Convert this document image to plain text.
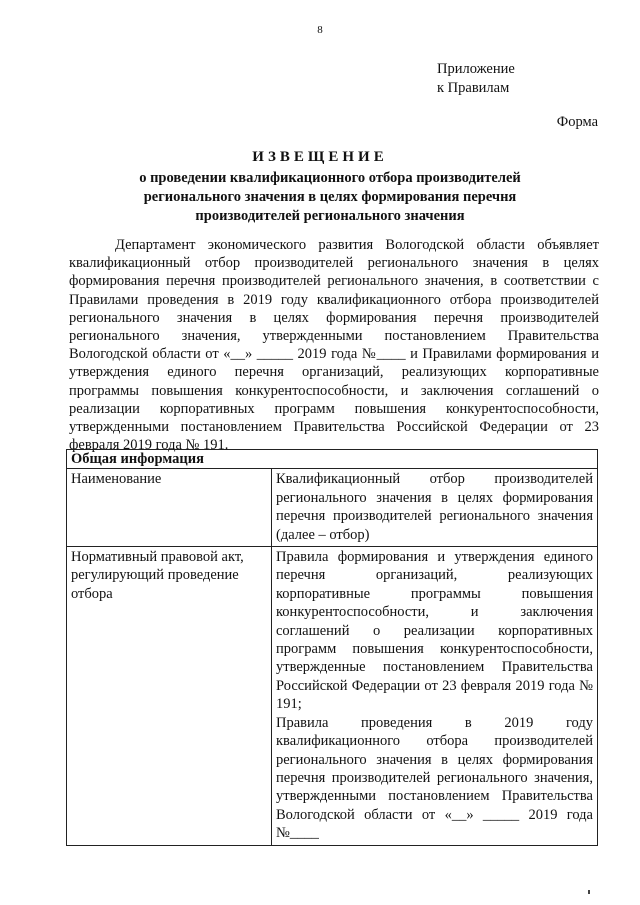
8
Приложение
к Правилам
Форма
ИЗВЕЩЕНИЕ
о проведении квалификационного отбора производителей регионального значения в целях формирования перечня производителей регионального значения

Департамент экономического развития Вологодской области объявляет квалификационный отбор производителей регионального значения в целях формирования перечня производителей регионального значения, в соответствии с Правилами проведения в 2019 году квалификационного отбора производителей регионального значения в целях формирования перечня производителей регионального значения, утвержденными постановлением Правительства Вологодской области от «__» _____ 2019 года №____ и Правилами формирования и утверждения единого перечня организаций, реализующих корпоративные программы повышения конкурентоспособности, и заключения соглашений о реализации корпоративных программ повышения конкурентоспособности, утвержденными постановлением Правительства Российской Федерации от 23 февраля 2019 года № 191.

Общая информация	
Наименование	Квалификационный отбор производителей регионального значения в целях формирования перечня производителей регионального значения (далее – отбор)
Нормативный правовой акт, регулирующий проведение отбора	Правила формирования и утверждения единого перечня организаций, реализующих корпоративные программы повышения конкурентоспособности, и заключения соглашений о реализации корпоративных программ повышения конкурентоспособности, утвержденные постановлением Правительства Российской Федерации от 23 февраля 2019 года № 191;
Правила проведения в 2019 году квалификационного отбора производителей регионального значения в целях формирования перечня производителей регионального значения, утвержденными постановлением Правительства Вологодской области от «__» _____ 2019 года №____
